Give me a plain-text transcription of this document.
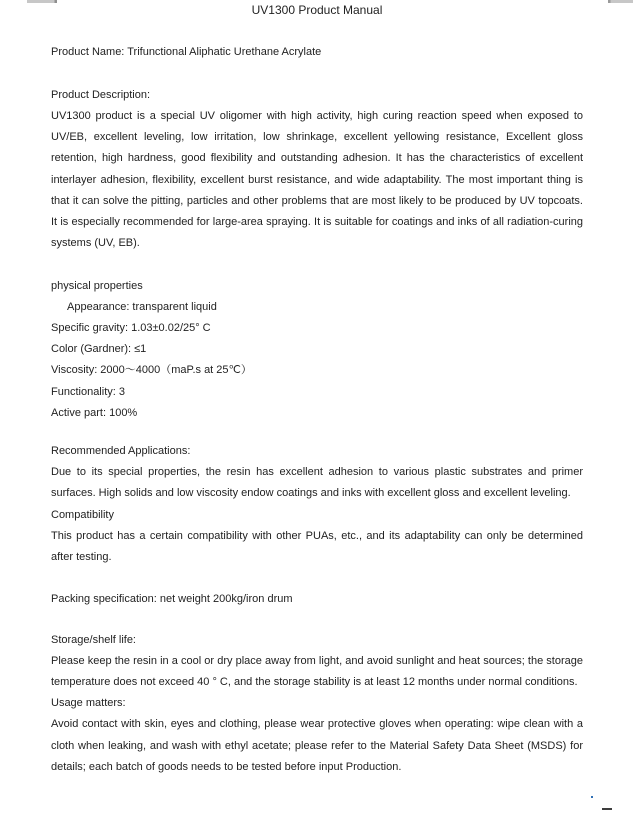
UV1300 Product Manual

Product Name: Trifunctional Aliphatic Urethane Acrylate

Product Description:

UV1300 product is a special UV oligomer with high activity, high curing reaction speed when exposed to UV/EB, excellent leveling, low irritation, low shrinkage, excellent yellowing resistance, Excellent gloss retention, high hardness, good flexibility and outstanding adhesion. It has the characteristics of excellent interlayer adhesion, flexibility, excellent burst resistance, and wide adaptability. The most important thing is that it can solve the pitting, particles and other problems that are most likely to be produced by UV topcoats. It is especially recommended for large-area spraying. It is suitable for coatings and inks of all radiation-curing systems (UV, EB).

physical properties

Appearance: transparent liquid

Specific gravity: 1.03±0.02/25° C

Color (Gardner): ≤1

Viscosity: 2000～4000（maP.s at 25℃）

Functionality: 3

Active part: 100%

Recommended Applications:

Due to its special properties, the resin has excellent adhesion to various plastic substrates and primer surfaces. High solids and low viscosity endow coatings and inks with excellent gloss and excellent leveling.

Compatibility

This product has a certain compatibility with other PUAs, etc., and its adaptability can only be determined after testing.

Packing specification: net weight 200kg/iron drum

Storage/shelf life:

Please keep the resin in a cool or dry place away from light, and avoid sunlight and heat sources; the storage temperature does not exceed 40 ° C, and the storage stability is at least 12 months under normal conditions.

Usage matters:

Avoid contact with skin, eyes and clothing, please wear protective gloves when operating: wipe clean with a cloth when leaking, and wash with ethyl acetate; please refer to the Material Safety Data Sheet (MSDS) for details; each batch of goods needs to be tested before input Production.
